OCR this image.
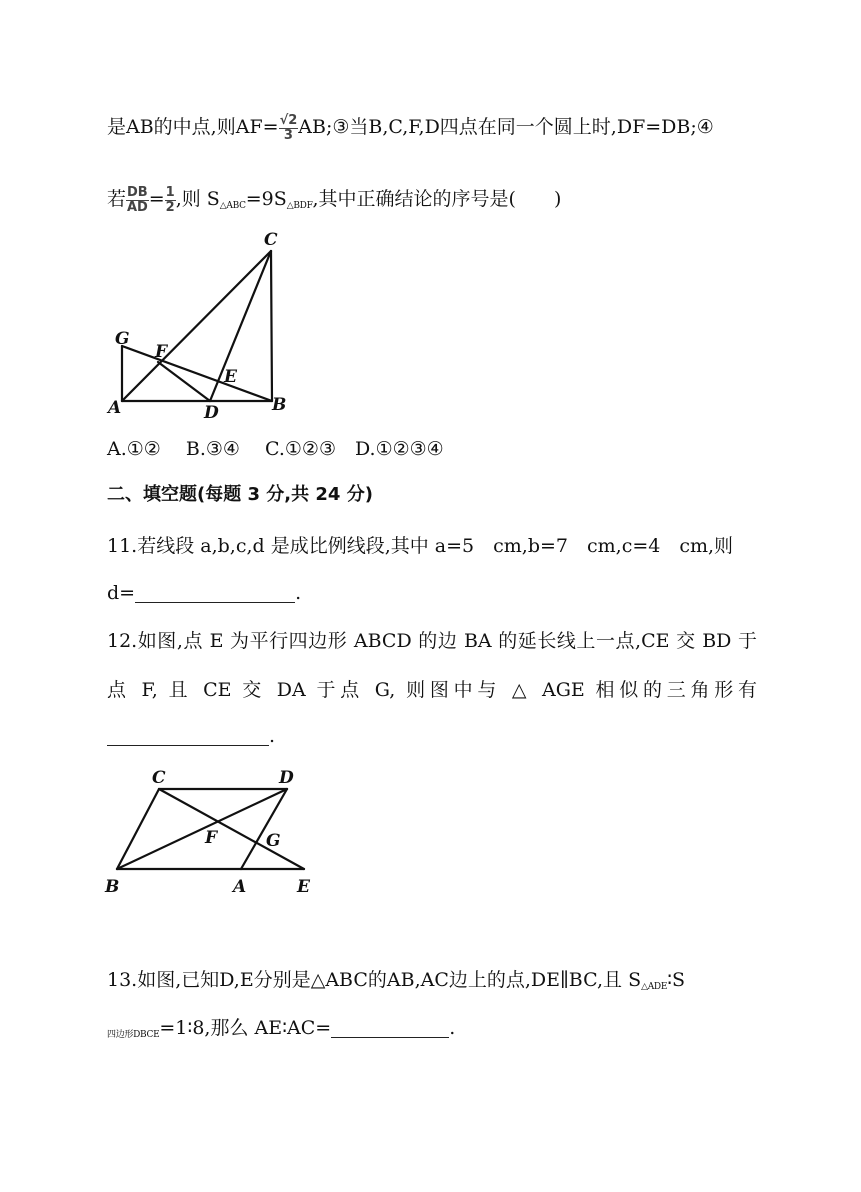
是AB的中点,则$AF= \frac{√2}{3}$ AB;③当B,C,F,D四点在同一个圆上时,DF=DB;④
若 $\frac{DB}{AD} = \frac{1}{2}$ ,则 $S_{\triangle ABC}=9S_{\triangle BDF}$,其中正确结论的序号是(　　)
C
G
F
E
A	D	B
A.①②　 B.③④　 C.①②③　D.①②③④
二、填空题(每题 3 分,共 24 分)
11.若线段 a,b,c,d 是成比例线段,其中 a=5　cm,b=7　cm,c=4　cm,则
d=	.
12.如图,点 E 为平行四边形 ABCD 的边 BA 的延长线上一点,CE 交 BD 于
点 F, 且 CE 交 DA 于点 G, 则图中与 △ AGE 相似的三角形有
.
C	D
F	G
B	A	E
13.如图,已知D,E分别是△ABC的AB,AC边上的点,DE∥BC,且 $S_{\triangle ADE}∶S$
$_{四边形DBCE}$=1∶8,那么 AE∶AC=	.
